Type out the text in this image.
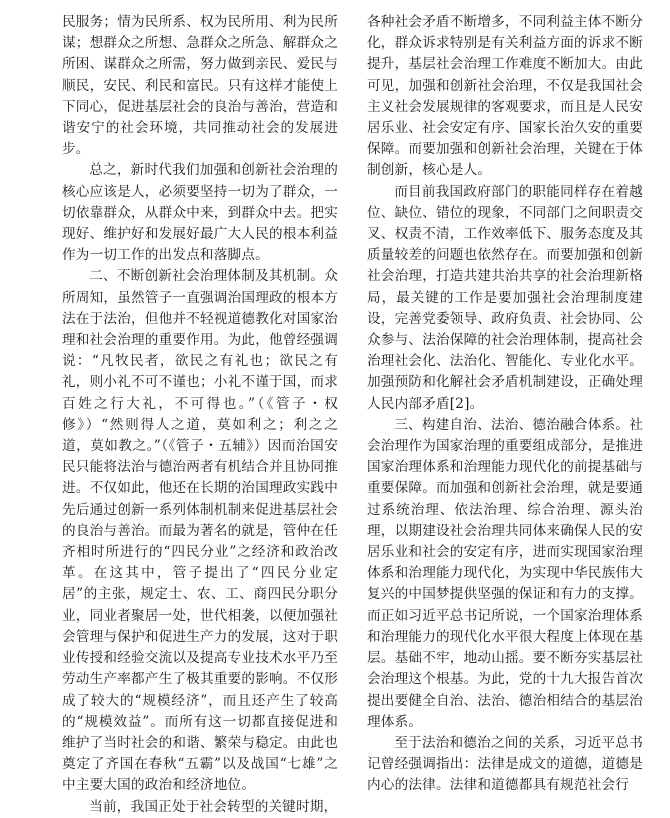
民服务；情为民所系、权为民所用、利为民所谋；想群众之所想、急群众之所急、解群众之所困、谋群众之所需，努力做到亲民、爱民与顺民，安民、利民和富民。只有这样才能使上下同心，促进基层社会的良治与善治，营造和谐安宁的社会环境，共同推动社会的发展进步。

总之，新时代我们加强和创新社会治理的核心应该是人，必须要坚持一切为了群众，一切依靠群众，从群众中来，到群众中去。把实现好、维护好和发展好最广大人民的根本利益作为一切工作的出发点和落脚点。

二、不断创新社会治理体制及其机制。众所周知，虽然管子一直强调治国理政的根本方法在于法治，但他并不轻视道德教化对国家治理和社会治理的重要作用。为此，他曾经强调说：“凡牧民者，欲民之有礼也；欲民之有礼，则小礼不可不谨也；小礼不谨于国，而求百姓之行大礼，不可得也。”（《管子・权修》）“然则得人之道，莫如利之；利之之道，莫如教之。”（《管子・五辅》）因而治国安民只能将法治与德治两者有机结合并且协同推进。不仅如此，他还在长期的治国理政实践中先后通过创新一系列体制机制来促进基层社会的良治与善治。而最为著名的就是，管仲在任齐相时所进行的“四民分业”之经济和政治改革。在这其中，管子提出了“四民分业定居”的主张，规定士、农、工、商四民分职分业，同业者聚居一处，世代相袭，以便加强社会管理与保护和促进生产力的发展，这对于职业传授和经验交流以及提高专业技术水平乃至劳动生产率都产生了极其重要的影响。不仅形成了较大的“规模经济”，而且还产生了较高的“规模效益”。而所有这一切都直接促进和维护了当时社会的和谐、繁荣与稳定。由此也奠定了齐国在春秋“五霸”以及战国“七雄”之中主要大国的政治和经济地位。

当前，我国正处于社会转型的关键时期，

各种社会矛盾不断增多，不同利益主体不断分化，群众诉求特别是有关利益方面的诉求不断提升，基层社会治理工作难度不断加大。由此可见，加强和创新社会治理，不仅是我国社会主义社会发展规律的客观要求，而且是人民安居乐业、社会安定有序、国家长治久安的重要保障。而要加强和创新社会治理，关键在于体制创新，核心是人。

而目前我国政府部门的职能同样存在着越位、缺位、错位的现象，不同部门之间职责交叉、权责不清，工作效率低下、服务态度及其质量较差的问题也依然存在。而要加强和创新社会治理，打造共建共治共享的社会治理新格局，最关键的工作是要加强社会治理制度建设，完善党委领导、政府负责、社会协同、公众参与、法治保障的社会治理体制，提高社会治理社会化、法治化、智能化、专业化水平。加强预防和化解社会矛盾机制建设，正确处理人民内部矛盾[2]。

三、构建自治、法治、德治融合体系。社会治理作为国家治理的重要组成部分，是推进国家治理体系和治理能力现代化的前提基础与重要保障。而加强和创新社会治理，就是要通过系统治理、依法治理、综合治理、源头治理，以期建设社会治理共同体来确保人民的安居乐业和社会的安定有序，进而实现国家治理体系和治理能力现代化，为实现中华民族伟大复兴的中国梦提供坚强的保证和有力的支撑。而正如习近平总书记所说，一个国家治理体系和治理能力的现代化水平很大程度上体现在基层。基础不牢，地动山摇。要不断夯实基层社会治理这个根基。为此，党的十九大报告首次提出要健全自治、法治、德治相结合的基层治理体系。

至于法治和德治之间的关系，习近平总书记曾经强调指出：法律是成文的道德，道德是内心的法律。法律和道德都具有规范社会行
